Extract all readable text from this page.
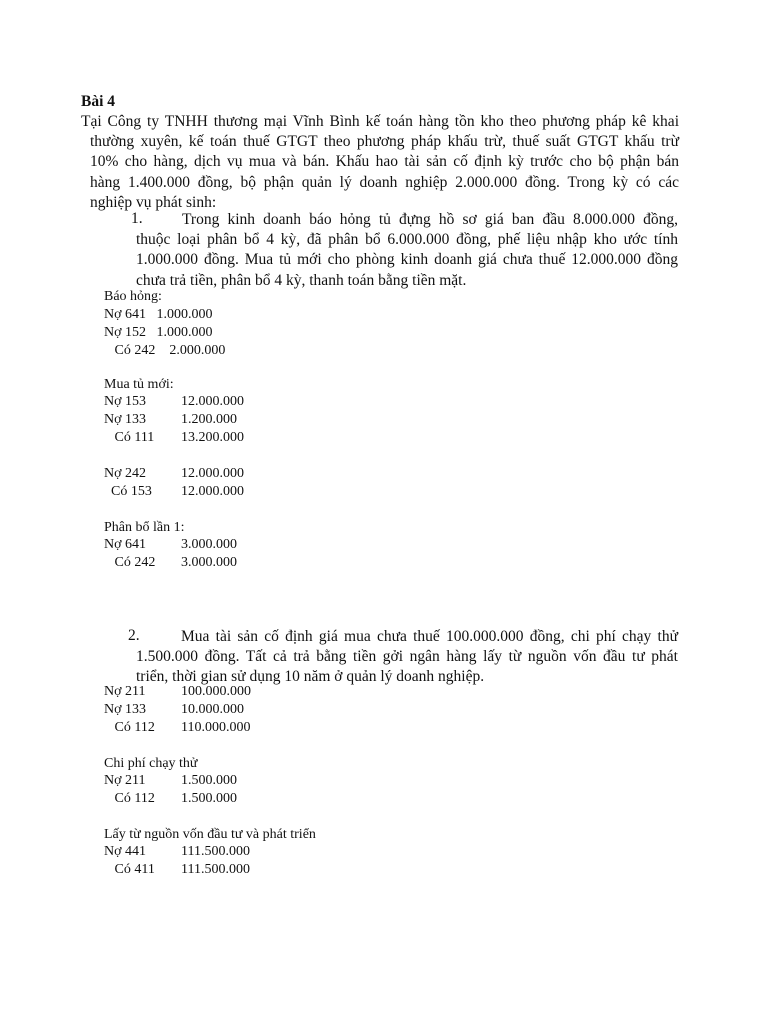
Bài 4
Tại Công ty TNHH thương mại Vĩnh Bình kế toán hàng tồn kho theo phương pháp kê khai
thường xuyên, kế toán thuế GTGT theo phương pháp khấu trừ, thuế suất GTGT khấu trừ
10% cho hàng, dịch vụ mua và bán. Khấu hao tài sản cố định kỳ trước cho bộ phận bán
hàng 1.400.000 đồng, bộ phận quản lý doanh nghiệp 2.000.000 đồng. Trong kỳ có các
nghiệp vụ phát sinh:
1.	Trong kinh doanh báo hỏng tủ đựng hồ sơ giá ban đầu 8.000.000 đồng,
thuộc loại phân bổ 4 kỳ, đã phân bổ 6.000.000 đồng, phế liệu nhập kho ước tính
1.000.000 đồng. Mua tủ mới cho phòng kinh doanh giá chưa thuế 12.000.000 đồng
chưa trả tiền, phân bổ 4 kỳ, thanh toán bằng tiền mặt.
Báo hỏng:
Nợ 641   1.000.000
Nợ 152   1.000.000
Có 242    2.000.000
Mua tủ mới:
Nợ 153 12.000.000
Nợ 133 1.200.000
Có 111 13.200.000
Nợ 242 12.000.000
Có 153 12.000.000
Phân bổ lần 1:
Nợ 641 3.000.000
Có 242 3.000.000
2.	Mua tài sản cố định giá mua chưa thuế 100.000.000 đồng, chi phí chạy thử
1.500.000 đồng. Tất cả trả bằng tiền gởi ngân hàng lấy từ nguồn vốn đầu tư phát
triển, thời gian sử dụng 10 năm ở quản lý doanh nghiệp.
Nợ 211	100.000.000
Nợ 133 10.000.000
Có 112 110.000.000
Chi phí chạy thử
Nợ 211	1.500.000
Có 112 1.500.000
Lấy từ nguồn vốn đầu tư và phát triển
Nợ 441 111.500.000
Có 411 111.500.000
